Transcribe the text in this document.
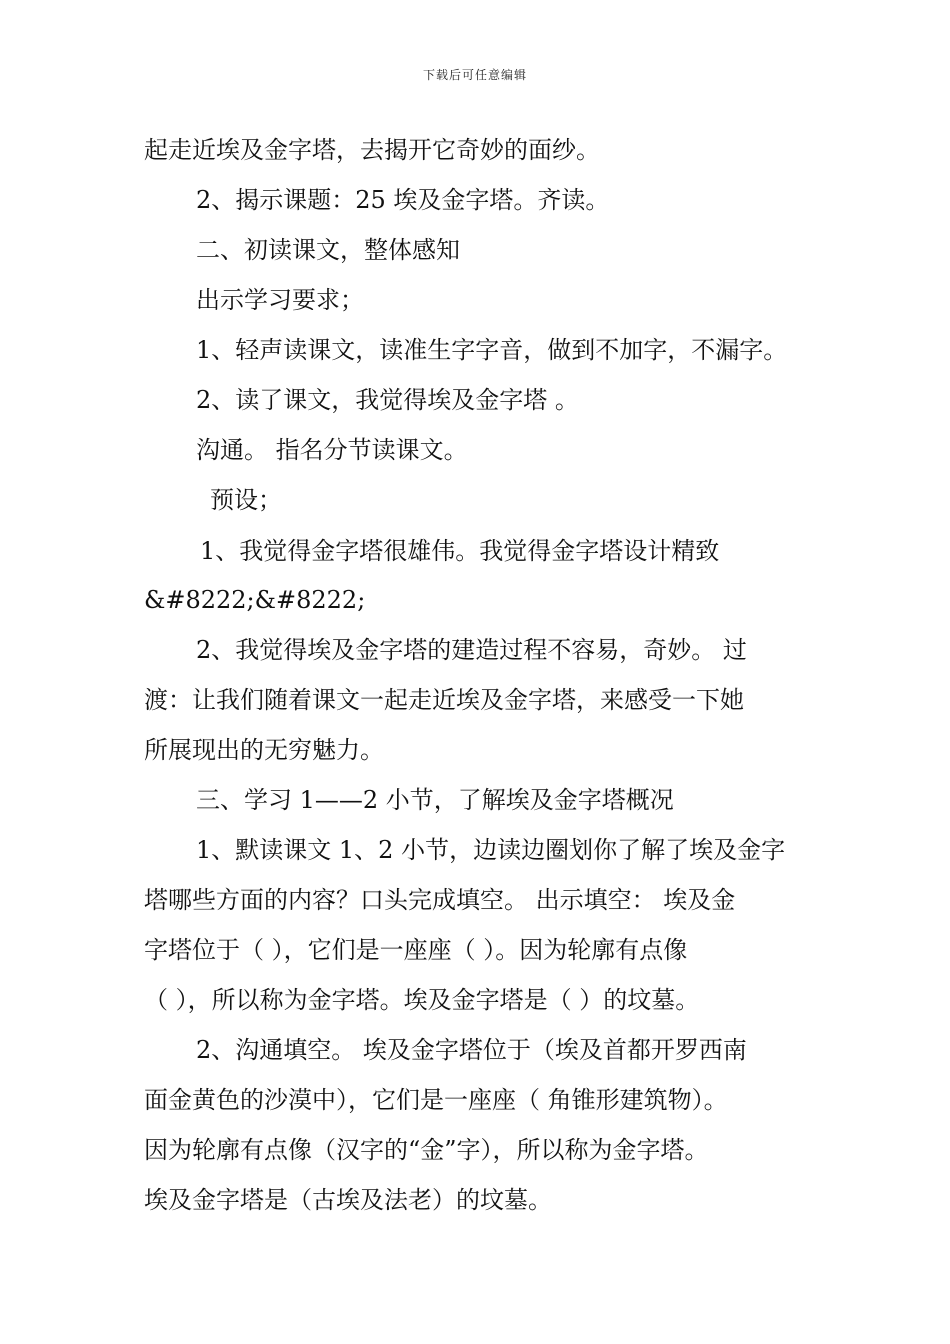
下载后可任意编辑
起走近埃及金字塔，去揭开它奇妙的面纱。
2、揭示课题：25 埃及金字塔。齐读。
二、初读课文，整体感知
出示学习要求；
1、轻声读课文，读准生字字音，做到不加字，不漏字。
2、读了课文，我觉得埃及金字塔 。
沟通。 指名分节读课文。
预设；
1、我觉得金字塔很雄伟。我觉得金字塔设计精致
&#8222;&#8222;
2、我觉得埃及金字塔的建造过程不容易，奇妙。 过
渡：让我们随着课文一起走近埃及金字塔，来感受一下她
所展现出的无穷魅力。
三、学习 1——2 小节，了解埃及金字塔概况
1、默读课文 1、2 小节，边读边圈划你了解了埃及金字
塔哪些方面的内容？口头完成填空。 出示填空： 埃及金
字塔位于（ ），它们是一座座（ ）。因为轮廓有点像
（ ），所以称为金字塔。埃及金字塔是（ ）的坟墓。
2、沟通填空。 埃及金字塔位于（埃及首都开罗西南
面金黄色的沙漠中），它们是一座座（ 角锥形建筑物）。
因为轮廓有点像（汉字的“金”字），所以称为金字塔。
埃及金字塔是（古埃及法老）的坟墓。
